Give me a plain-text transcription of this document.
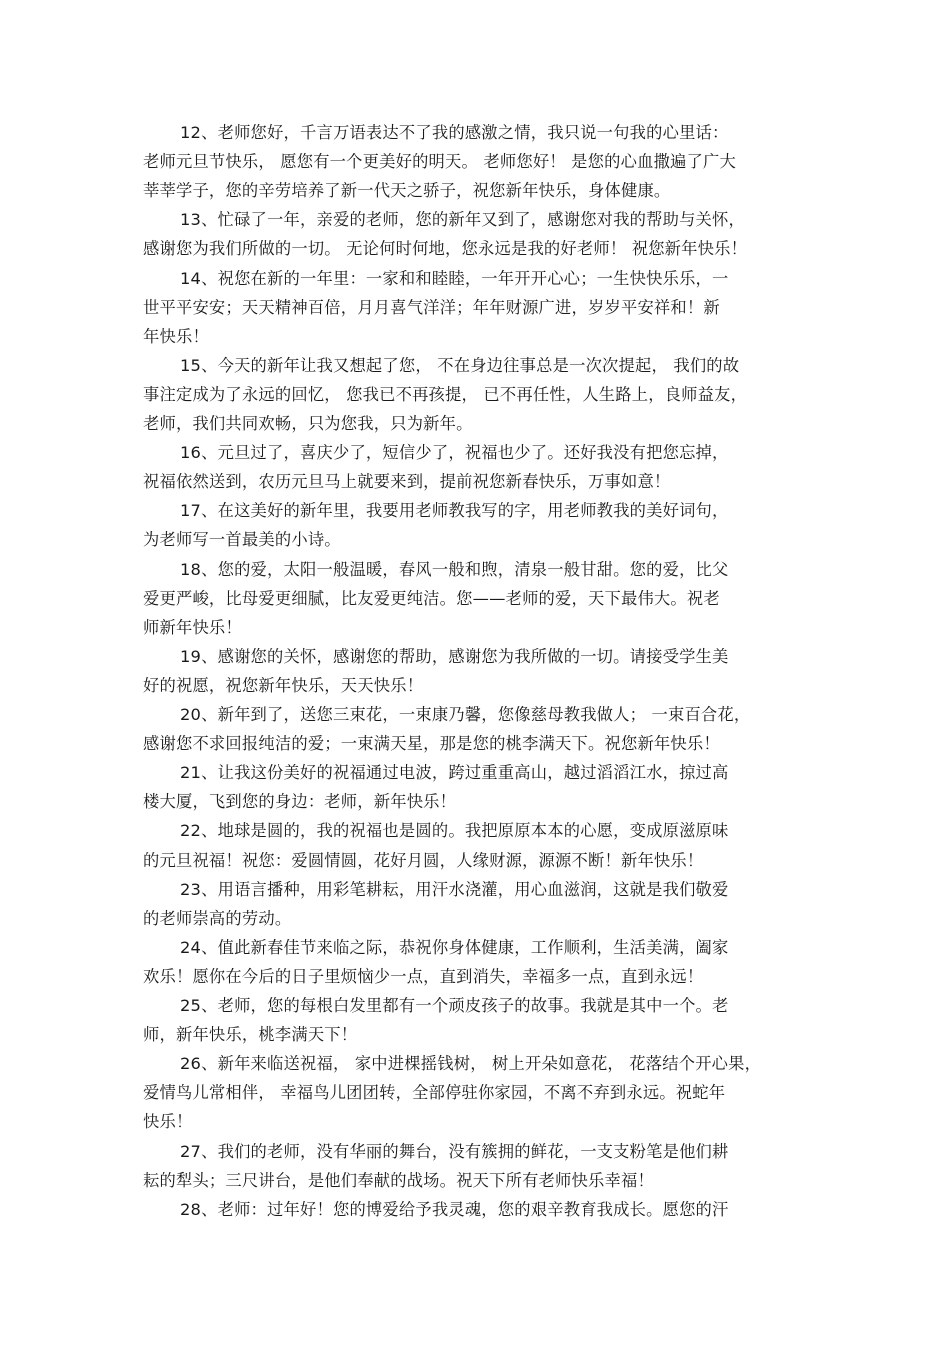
12、老师您好，千言万语表达不了我的感激之情，我只说一句我的心里话：
老师元旦节快乐， 愿您有一个更美好的明天。 老师您好！ 是您的心血撒遍了广大
莘莘学子，您的辛劳培养了新一代天之骄子，祝您新年快乐，身体健康。
13、忙碌了一年，亲爱的老师，您的新年又到了，感谢您对我的帮助与关怀，
感谢您为我们所做的一切。 无论何时何地，您永远是我的好老师！ 祝您新年快乐！
14、祝您在新的一年里：一家和和睦睦，一年开开心心；一生快快乐乐，一
世平平安安；天天精神百倍，月月喜气洋洋；年年财源广进，岁岁平安祥和！新
年快乐！
15、今天的新年让我又想起了您， 不在身边往事总是一次次提起， 我们的故
事注定成为了永远的回忆， 您我已不再孩提， 已不再任性，人生路上，良师益友，
老师，我们共同欢畅，只为您我，只为新年。
16、元旦过了，喜庆少了，短信少了，祝福也少了。还好我没有把您忘掉，
祝福依然送到，农历元旦马上就要来到，提前祝您新春快乐，万事如意！
17、在这美好的新年里，我要用老师教我写的字，用老师教我的美好词句，
为老师写一首最美的小诗。
18、您的爱，太阳一般温暖，春风一般和煦，清泉一般甘甜。您的爱，比父
爱更严峻，比母爱更细腻，比友爱更纯洁。您——老师的爱，天下最伟大。祝老
师新年快乐！
19、感谢您的关怀，感谢您的帮助，感谢您为我所做的一切。请接受学生美
好的祝愿，祝您新年快乐，天天快乐！
20、新年到了，送您三束花，一束康乃馨，您像慈母教我做人； 一束百合花，
感谢您不求回报纯洁的爱；一束满天星，那是您的桃李满天下。祝您新年快乐！
21、让我这份美好的祝福通过电波，跨过重重高山，越过滔滔江水，掠过高
楼大厦，飞到您的身边：老师，新年快乐！
22、地球是圆的，我的祝福也是圆的。我把原原本本的心愿，变成原滋原味
的元旦祝福！祝您：爱圆情圆，花好月圆，人缘财源，源源不断！新年快乐！
23、用语言播种，用彩笔耕耘，用汗水浇灌，用心血滋润，这就是我们敬爱
的老师崇高的劳动。
24、值此新春佳节来临之际，恭祝你身体健康，工作顺利，生活美满，阖家
欢乐！愿你在今后的日子里烦恼少一点，直到消失，幸福多一点，直到永远！
25、老师，您的每根白发里都有一个顽皮孩子的故事。我就是其中一个。老
师，新年快乐，桃李满天下！
26、新年来临送祝福， 家中进棵摇钱树， 树上开朵如意花， 花落结个开心果，
爱情鸟儿常相伴， 幸福鸟儿团团转，全部停驻你家园，不离不弃到永远。祝蛇年
快乐！
27、我们的老师，没有华丽的舞台，没有簇拥的鲜花，一支支粉笔是他们耕
耘的犁头；三尺讲台，是他们奉献的战场。祝天下所有老师快乐幸福！
28、老师：过年好！您的博爱给予我灵魂，您的艰辛教育我成长。愿您的汗
